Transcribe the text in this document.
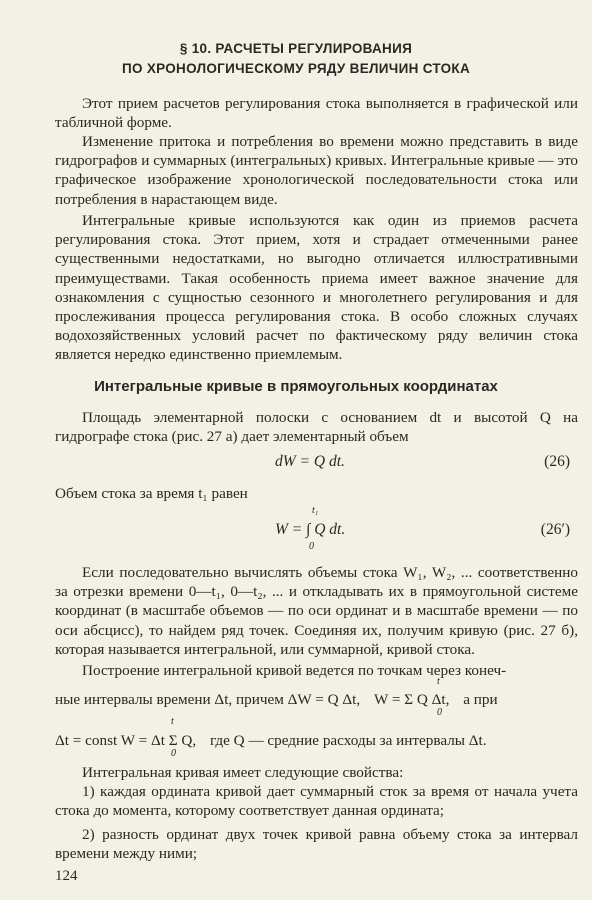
§ 10. РАСЧЕТЫ РЕГУЛИРОВАНИЯ
ПО ХРОНОЛОГИЧЕСКОМУ РЯДУ ВЕЛИЧИН СТОКА

Этот прием расчетов регулирования стока выполняется в графической или табличной форме.

Изменение притока и потребления во времени можно представить в виде гидрографов и суммарных (интегральных) кривых. Интегральные кривые — это графическое изображение хронологической последовательности стока или потребления в нарастающем виде.

Интегральные кривые используются как один из приемов расчета регулирования стока. Этот прием, хотя и страдает отмеченными ранее существенными недостатками, но выгодно отличается иллюстративными преимуществами. Такая особенность приема имеет важное значение для ознакомления с сущностью сезонного и многолетнего регулирования и для прослеживания процесса регулирования стока. В особо сложных случаях водохозяйственных условий расчет по фактическому ряду величин стока является нередко единственно приемлемым.

Интегральные кривые в прямоугольных координатах

Площадь элементарной полоски с основанием dt и высотой Q на гидрографе стока (рис. 27 а) дает элементарный объем

dW = Q dt.	(26)

Объем стока за время t₁ равен

t₁
W = ∫ Q dt.
0
(26′)

Если последовательно вычислять объемы стока W₁, W₂, ... соответственно за отрезки времени 0—t₁, 0—t₂, ... и откладывать их в прямоугольной системе координат (в масштабе объемов — по оси ординат и в масштабе времени — по оси абсцисс), то найдем ряд точек. Соединяя их, получим кривую (рис. 27 б), которая называется интегральной, или суммарной, кривой стока.

Построение интегральной кривой ведется по точкам через конеч-
t
ные интервалы времени Δt, причем ΔW = Q Δt, W = Σ Q Δt, а при
0
t
Δt = const W = Δt Σ Q, где Q — средние расходы за интервалы Δt.
0

Интегральная кривая имеет следующие свойства:

1) каждая ордината кривой дает суммарный сток за время от начала учета стока до момента, которому соответствует данная ордината;

2) разность ординат двух точек кривой равна объему стока за интервал времени между ними;

124
